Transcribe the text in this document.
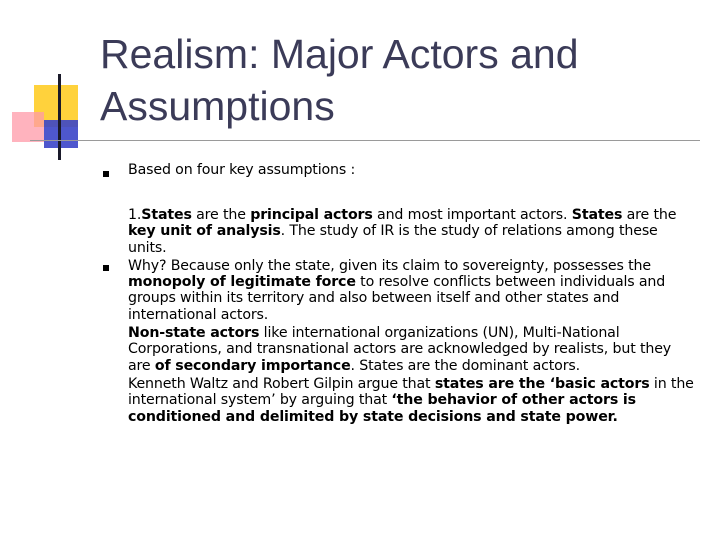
Realism: Major Actors and
Assumptions
Based on four key assumptions :

1.States are the principal actors and most important actors. States are the key unit of analysis. The study of IR is the study of relations among these units.

Why? Because only the state, given its claim to sovereignty, possesses the monopoly of legitimate force to resolve conflicts between individuals and groups within its territory and also between itself and other states and international actors.

Non-state actors like international organizations (UN), Multi-National Corporations, and transnational actors are acknowledged by realists, but they are of secondary importance. States are the dominant actors.

Kenneth Waltz and Robert Gilpin argue that states are the ‘basic actors in the international system’ by arguing that ‘the behavior of other actors is conditioned and delimited by state decisions and state power.
